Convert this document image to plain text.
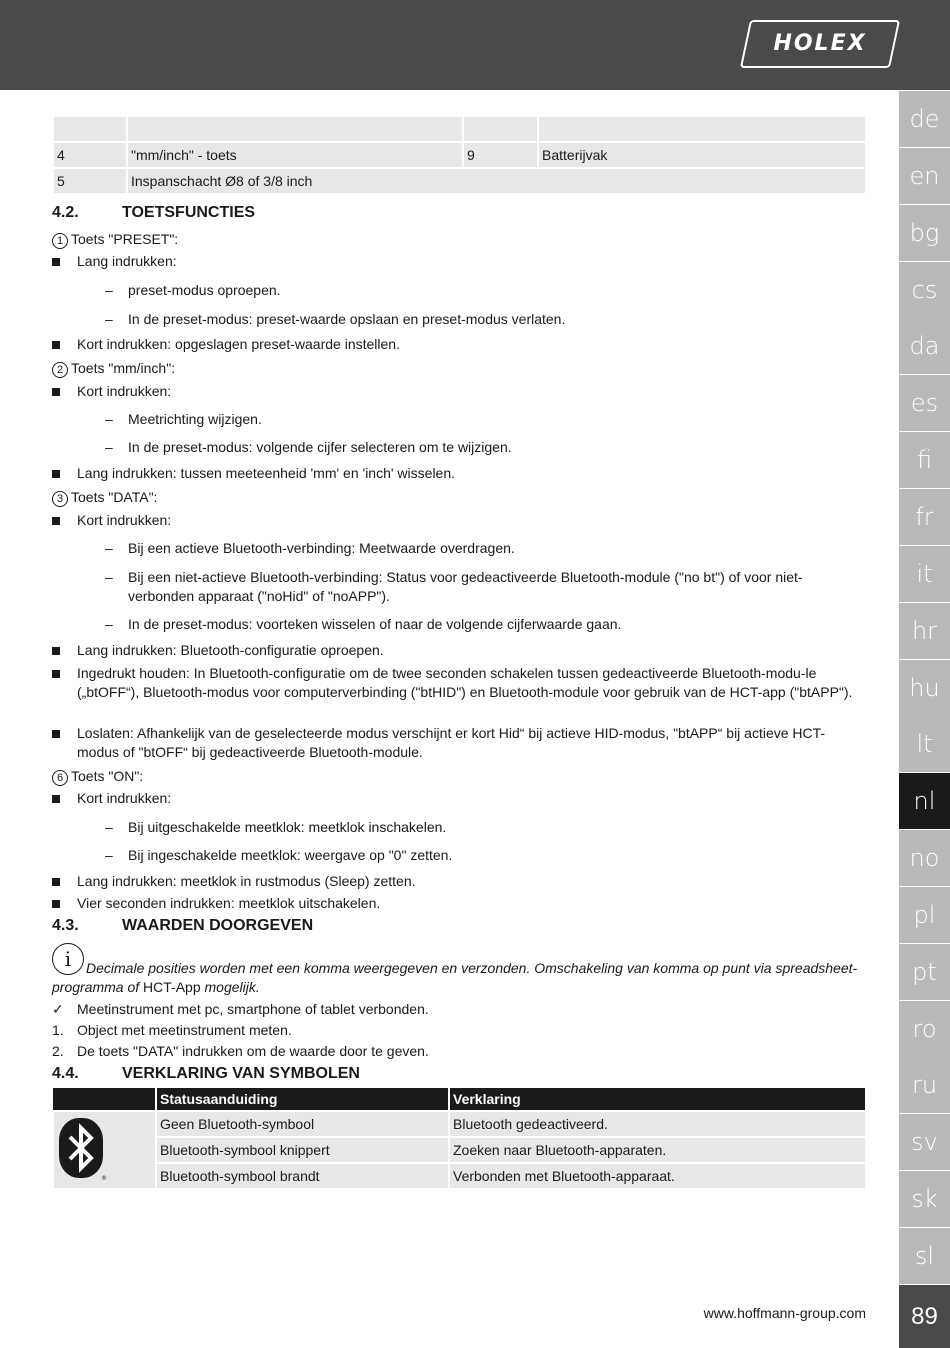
HOLEX
de
en
bg
cs
da
es
fi
fr
it
hr
hu
lt
nl
no
pl
pt
ro
ru
sv
sk
sl
89

4	"mm/inch" - toets	9	Batterijvak
5	Inspanschacht Ø8 of 3/8 inch		
4.2.	TOETSFUNCTIES
1 Toets "PRESET":
Lang indrukken:
– preset-modus oproepen.
– In de preset-modus: preset-waarde opslaan en preset-modus verlaten.
Kort indrukken: opgeslagen preset-waarde instellen.
2 Toets "mm/inch":
Kort indrukken:
– Meetrichting wijzigen.
– In de preset-modus: volgende cijfer selecteren om te wijzigen.
Lang indrukken: tussen meeteenheid 'mm' en 'inch' wisselen.
3 Toets "DATA":
Kort indrukken:
– Bij een actieve Bluetooth-verbinding: Meetwaarde overdragen.
– Bij een niet-actieve Bluetooth-verbinding: Status voor gedeactiveerde Bluetooth-module ("no bt") of voor niet-verbonden apparaat ("noHid" of "noAPP").
– In de preset-modus: voorteken wisselen of naar de volgende cijferwaarde gaan.
Lang indrukken: Bluetooth-configuratie oproepen.
Ingedrukt houden: In Bluetooth-configuratie om de twee seconden schakelen tussen gedeactiveerde Bluetooth-modu-le („btOFF“), Bluetooth-modus voor computerverbinding ("btHID") en Bluetooth-module voor gebruik van de HCT-app ("btAPP").
Loslaten: Afhankelijk van de geselecteerde modus verschijnt er kort Hid“ bij actieve HID-modus, "btAPP“ bij actieve HCT-modus of "btOFF“ bij gedeactiveerde Bluetooth-module.
6 Toets "ON":
Kort indrukken:
– Bij uitgeschakelde meetklok: meetklok inschakelen.
– Bij ingeschakelde meetklok: weergave op "0" zetten.
Lang indrukken: meetklok in rustmodus (Sleep) zetten.
Vier seconden indrukken: meetklok uitschakelen.
4.3.	WAARDEN DOORGEVEN
i	Decimale posities worden met een komma weergegeven en verzonden. Omschakeling van komma op punt via spreadsheet-
programma of HCT-App mogelijk.
✓ Meetinstrument met pc, smartphone of tablet verbonden.
1. Object met meetinstrument meten.
2. De toets "DATA" indrukken om de waarde door te geven.
4.4.	VERKLARING VAN SYMBOLEN
	Statusaanduiding	Verklaring

®	Geen Bluetooth-symbool	Bluetooth gedeactiveerd.
	Bluetooth-symbool knippert	Zoeken naar Bluetooth-apparaten.
	Bluetooth-symbool brandt	Verbonden met Bluetooth-apparaat.
www.hoffmann-group.com
